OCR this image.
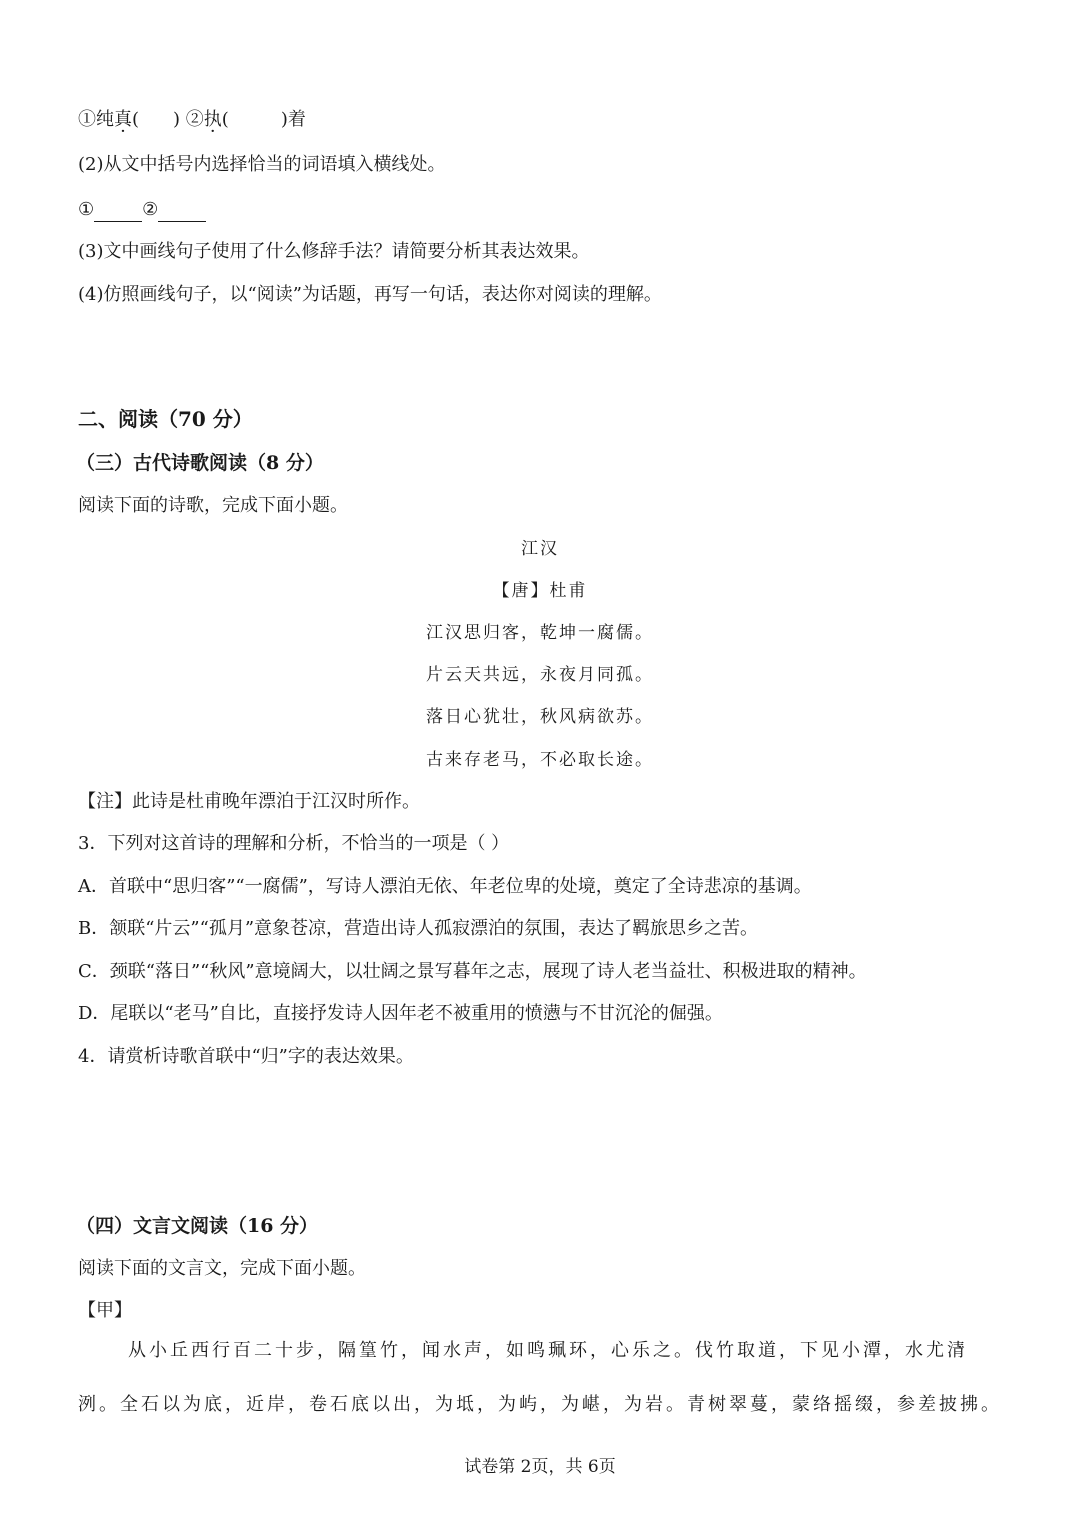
①纯真( ) ②执(	)着
(2)从文中括号内选择恰当的词语填入横线处。
①	②
(3)文中画线句子使用了什么修辞手法？请简要分析其表达效果。
(4)仿照画线句子，以“阅读”为话题，再写一句话，表达你对阅读的理解。
二、阅读（70 分）
（三）古代诗歌阅读（8 分）
阅读下面的诗歌，完成下面小题。
江汉
【唐】杜甫
江汉思归客，乾坤一腐儒。
片云天共远，永夜月同孤。
落日心犹壮，秋风病欲苏。
古来存老马，不必取长途。
【注】此诗是杜甫晚年漂泊于江汉时所作。
3．下列对这首诗的理解和分析，不恰当的一项是（ ）
A．首联中“思归客”“一腐儒”，写诗人漂泊无依、年老位卑的处境，奠定了全诗悲凉的基调。
B．颔联“片云”“孤月”意象苍凉，营造出诗人孤寂漂泊的氛围，表达了羁旅思乡之苦。
C．颈联“落日”“秋风”意境阔大，以壮阔之景写暮年之志，展现了诗人老当益壮、积极进取的精神。
D．尾联以“老马”自比，直接抒发诗人因年老不被重用的愤懑与不甘沉沦的倔强。
4．请赏析诗歌首联中“归”字的表达效果。
（四）文言文阅读（16 分）
阅读下面的文言文，完成下面小题。
【甲】
从小丘西行百二十步，隔篁竹，闻水声，如鸣珮环，心乐之。伐竹取道，下见小潭，水尤 ·清洌。全石以为底，近岸，卷石底以出，为坻，为屿，为嵁，为岩。青树翠蔓，蒙络摇缀，参差披拂。
试卷第 2页，共 6页
